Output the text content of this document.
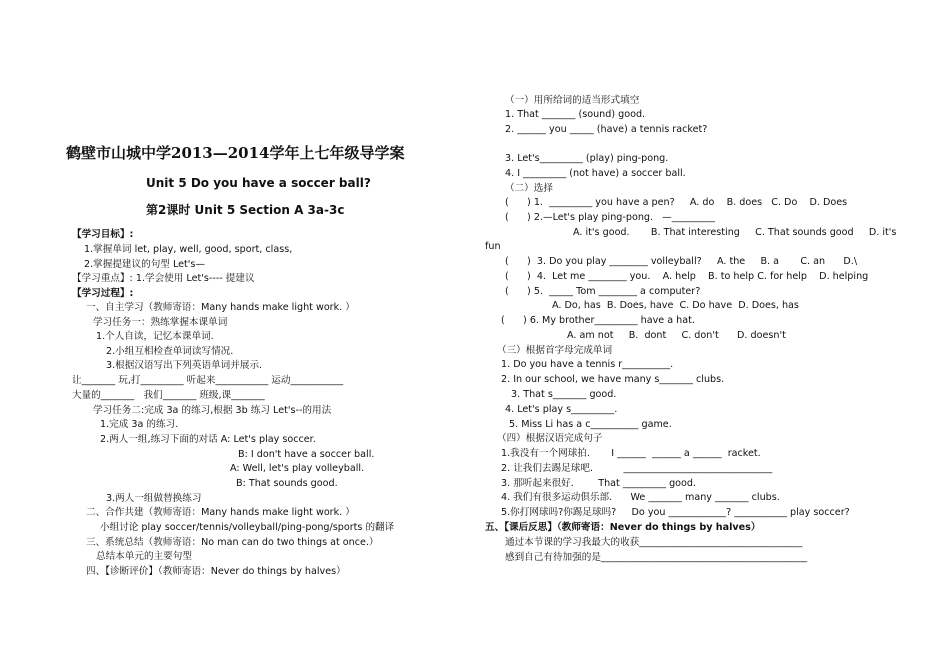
鹤壁市山城中学2013—2014学年上七年级导学案
Unit 5 Do you have a soccer ball?
第2课时 Unit 5 Section A 3a-3c
【学习目标】:
1.掌握单词 let, play, well, good, sport, class,
2.掌握提建议的句型 Let's—
【学习重点】: 1.学会使用 Let's---- 提建议
【学习过程】:
一、自主学习（教师寄语：Many hands make light work. ）
学习任务一：熟练掌握本课单词
1.个人自读，记忆本课单词.
2.小组互相检查单词读写情况.
3.根据汉语写出下列英语单词并展示.
让_______ 玩,打_________ 听起来___________ 运动___________
大量的_______   我们_______ 班级,课_______
学习任务二:完成 3a 的练习,根据 3b 练习 Let's--的用法
1.完成 3a 的练习.
2.两人一组,练习下面的对话 A: Let's play soccer.
B: I don't have a soccer ball.
A: Well, let's play volleyball.
B: That sounds good.
3.两人一组做替换练习
二、合作共建（教师寄语：Many hands make light work. ）
小组讨论 play soccer/tennis/volleyball/ping-pong/sports 的翻译
三、系统总结（教师寄语：No man can do two things at once.）
总结本单元的主要句型
四、【诊断评价】（教师寄语：Never do things by halves）
（一）用所给词的适当形式填空
1. That _______ (sound) good.
2. ______ you _____ (have) a tennis racket?
3. Let's_________ (play) ping-pong.
4. I _________ (not have) a soccer ball.
（二）选择
(      ) 1.  _________ you have a pen?     A. do    B. does   C. Do    D. Does
(      ) 2.—Let's play ping-pong.   —_________
A. it's good.       B. That interesting     C. That sounds good     D. it's
fun
(      )  3. Do you play ________ volleyball?     A. the     B. a       C. an      D.\
(      )  4.  Let me ________ you.    A. help    B. to help C. for help    D. helping
(      ) 5.  _____ Tom ________ a computer?
A. Do, has  B. Does, have  C. Do have  D. Does, has
(      ) 6. My brother_________ have a hat.
A. am not     B.  dont     C. don't      D. doesn't
（三）根据首字母完成单词
1. Do you have a tennis r__________.
2. In our school, we have many s_______ clubs.
3. That s_______ good.
4. Let's play s_________.
5. Miss Li has a c__________ game.
（四）根据汉语完成句子
1.我没有一个网球拍.       I ______  ______ a ______  racket.
2. 让我们去踢足球吧.          _______________________________
3. 那听起来很好.        That _________ good.
4. 我们有很多运动俱乐部.      We _______ many _______ clubs.
5.你打网球吗?你踢足球吗?     Do you ____________? ___________ play soccer?
五、【课后反思】（教师寄语：Never do things by halves）
通过本节课的学习我最大的收获__________________________________
感到自己有待加强的是___________________________________________
